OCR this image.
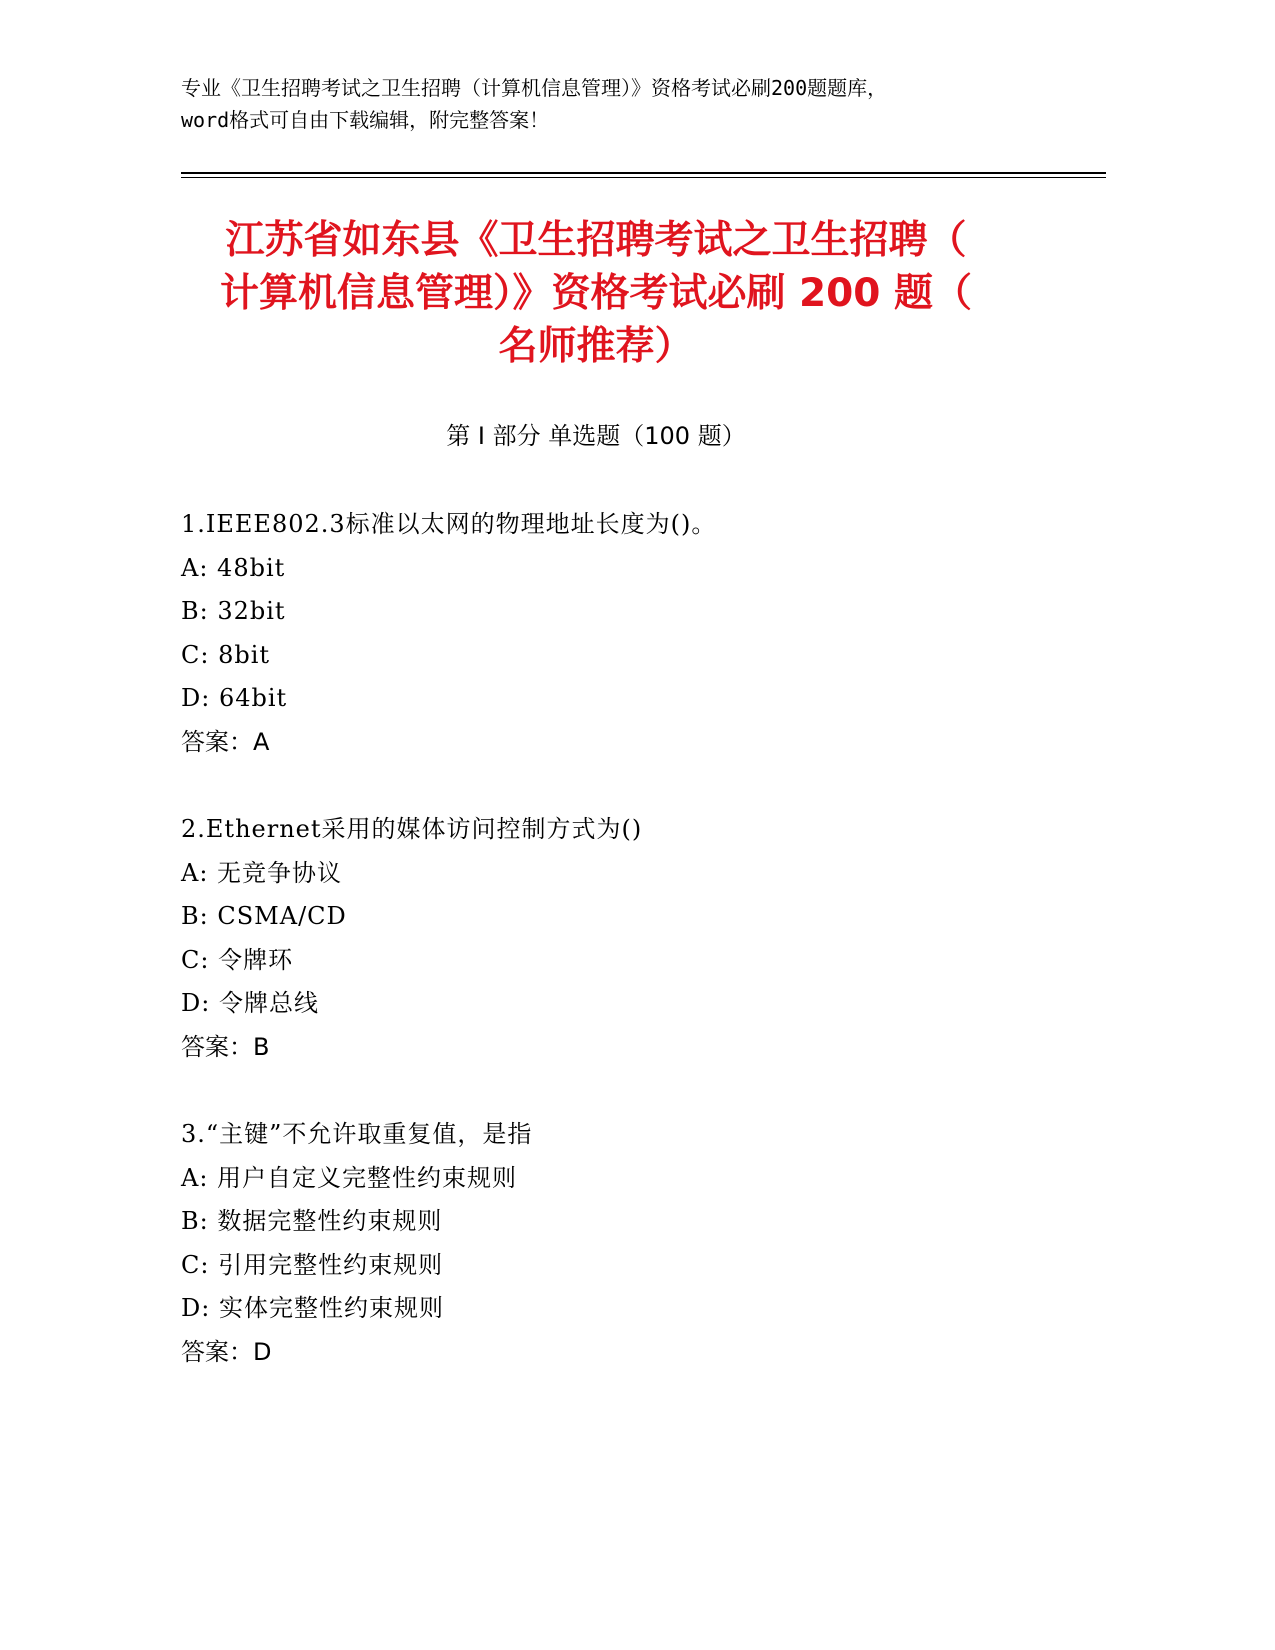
专业《卫生招聘考试之卫生招聘（计算机信息管理）》资格考试必刷200题题库，
word格式可自由下载编辑，附完整答案！
江苏省如东县《卫生招聘考试之卫生招聘（
计算机信息管理）》资格考试必刷 200 题（
名师推荐）
第 I 部分 单选题（100 题）
1.IEEE802.3标准以太网的物理地址长度为()。
A: 48bit
B: 32bit
C: 8bit
D: 64bit
答案：A
2.Ethernet采用的媒体访问控制方式为()
A: 无竞争协议
B: CSMA/CD
C: 令牌环
D: 令牌总线
答案：B
3.“主键”不允许取重复值，是指
A: 用户自定义完整性约束规则
B: 数据完整性约束规则
C: 引用完整性约束规则
D: 实体完整性约束规则
答案：D
